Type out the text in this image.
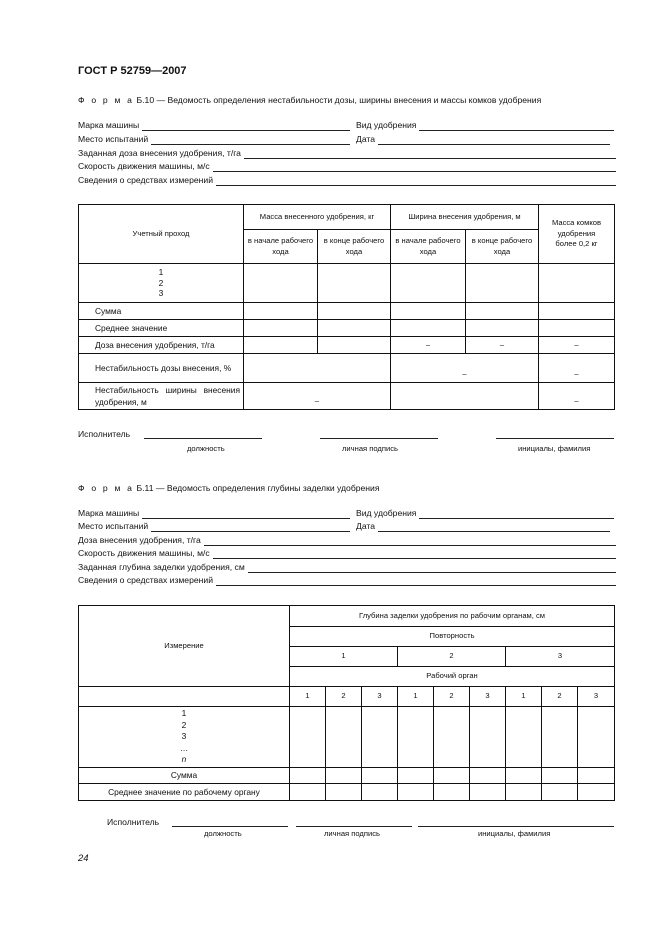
ГОСТ Р 52759—2007
Ф о р м а Б.10 — Ведомость определения нестабильности дозы, ширины внесения и массы комков удобрения
Марка машины	Вид удобрения
Место испытаний	Дата
Заданная доза внесения удобрения, т/га
Скорость движения машины, м/с
Сведения о средствах измерений
Учетный проход	Масса внесенного удобрения, кг		Ширина внесения удобрения, м		Масса комков удобрения более 0,2 кг
	в начале рабочего хода	в конце рабочего хода	в начале рабочего хода	в конце рабочего хода	

1
2
3					

Сумма					
Среднее значение					
Доза внесения удобрения, т/га			–	–	–
Нестабильность дозы внесения, %			–		–
Нестабильность ширины внесения удобрения, м	–				–
Исполнитель
должность	личная подпись	инициалы, фамилия
Ф о р м а Б.11 — Ведомость определения глубины заделки удобрения
Марка машины	Вид удобрения
Место испытаний	Дата
Доза внесения удобрения, т/га
Скорость движения машины, м/с
Заданная глубина заделки удобрения, см
Сведения о средствах измерений
Измерение	Глубина заделки удобрения по рабочим органам, см								
	Повторность								
	1			2			3		
	Рабочий орган								
	1	2	3	1	2	3	1	2	3

1
2
3
…
n									

Сумма									
Среднее значение по рабочему органу									
Исполнитель
должность	личная подпись	инициалы, фамилия
24
